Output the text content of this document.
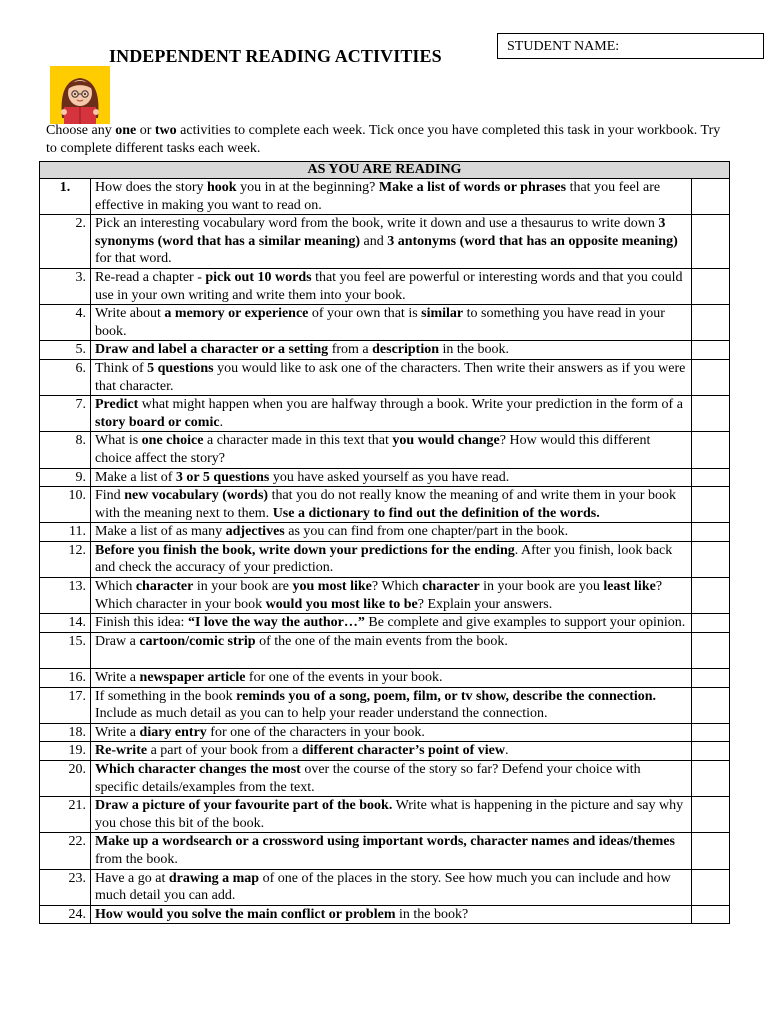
INDEPENDENT READING ACTIVITIES	STUDENT NAME:

Choose any one or two activities to complete each week. Tick once you have completed this task in your workbook. Try to complete different tasks each week.

AS YOU ARE READING		
1.	How does the story hook you in at the beginning? Make a list of words or phrases that you feel are effective in making you want to read on.	
2.	Pick an interesting vocabulary word from the book, write it down and use a thesaurus to write down 3 synonyms (word that has a similar meaning) and 3 antonyms (word that has an opposite meaning) for that word.	
3.	Re-read a chapter - pick out 10 words that you feel are powerful or interesting words and that you could use in your own writing and write them into your book.	
4.	Write about a memory or experience of your own that is similar to something you have read in your book.	
5.	Draw and label a character or a setting from a description in the book.	
6.	Think of 5 questions you would like to ask one of the characters. Then write their answers as if you were that character.	
7.	Predict what might happen when you are halfway through a book. Write your prediction in the form of a story board or comic.	
8.	What is one choice a character made in this text that you would change? How would this different choice affect the story?	
9.	Make a list of 3 or 5 questions you have asked yourself as you have read.	
10.	Find new vocabulary (words) that you do not really know the meaning of and write them in your book with the meaning next to them. Use a dictionary to find out the definition of the words.	
11.	Make a list of as many adjectives as you can find from one chapter/part in the book.	
12.	Before you finish the book, write down your predictions for the ending. After you finish, look back and check the accuracy of your prediction.	
13.	Which character in your book are you most like? Which character in your book are you least like? Which character in your book would you most like to be? Explain your answers.	
14.	Finish this idea: “I love the way the author…” Be complete and give examples to support your opinion.	
15.	Draw a cartoon/comic strip of the one of the main events from the book.

16.	Write a newspaper article for one of the events in your book.	
17.	If something in the book reminds you of a song, poem, film, or tv show, describe the connection. Include as much detail as you can to help your reader understand the connection.	
18.	Write a diary entry for one of the characters in your book.	
19.	Re-write a part of your book from a different character’s point of view.	
20.	Which character changes the most over the course of the story so far? Defend your choice with specific details/examples from the text.	
21.	Draw a picture of your favourite part of the book. Write what is happening in the picture and say why you chose this bit of the book.	
22.	Make up a wordsearch or a crossword using important words, character names and ideas/themes from the book.	
23.	Have a go at drawing a map of one of the places in the story. See how much you can include and how much detail you can add.	
24.	How would you solve the main conflict or problem in the book?	
